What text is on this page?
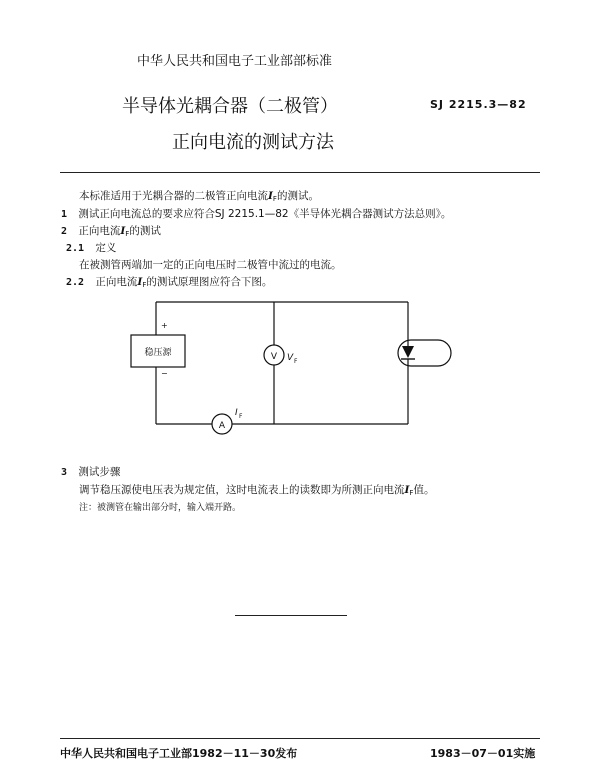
中华人民共和国电子工业部部标准
半导体光耦合器（二极管）
正向电流的测试方法
SJ 2215.3—82
本标准适用于光耦合器的二极管正向电流$I_F$的测试。
1 测试正向电流总的要求应符合SJ 2215.1—82《半导体光耦合器测试方法总则》。
2 正向电流$I_F$的测试
2.1 定义
在被测管两端加一定的正向电压时二极管中流过的电流。
2.2 正向电流$I_F$的测试原理图应符合下图。
稳压源
+
−
V V F
A
I F
3 测试步骤
调节稳压源使电压表为规定值，这时电流表上的读数即为所测正向电流$I_F$值。
注：被测管在输出部分时，输入端开路。
中华人民共和国电子工业部1982－11－30发布	1983－07－01实施
